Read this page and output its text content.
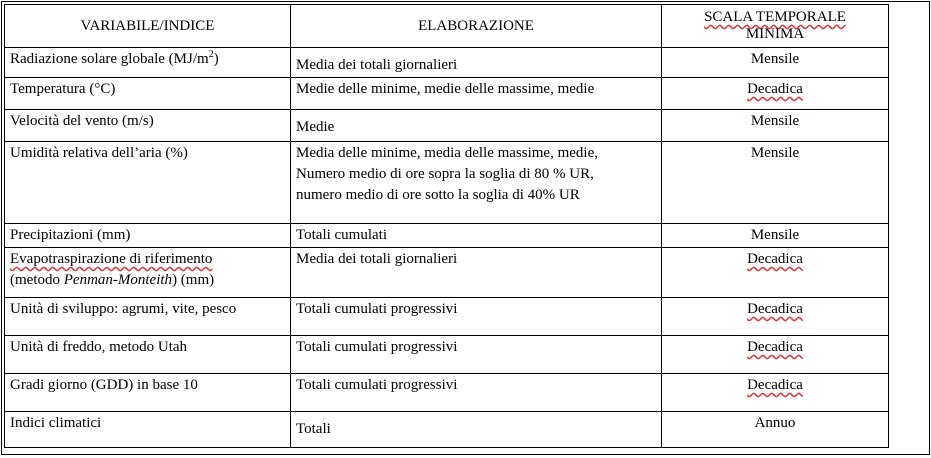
VARIABILE/INDICE	ELABORAZIONE	SCALA TEMPORALE
MINIMA

Radiazione solare globale $(MJ/m^2)$	Media dei totali giornalieri	Mensile
Temperatura (°C)	Medie delle minime, medie delle massime, medie	Decadica
Velocità del vento (m/s)	Medie	Mensile
Umidità relativa dell’aria (%)	Media delle minime, media delle massime, medie,
Numero medio di ore sopra la soglia di 80 % UR,
numero medio di ore sotto la soglia di 40% UR	Mensile
Precipitazioni (mm)	Totali cumulati	Mensile

Evapotraspirazione di riferimento
(metodo Penman-Monteith) (mm)	Media dei totali giornalieri	Decadica
Unità di sviluppo: agrumi, vite, pesco	Totali cumulati progressivi	Decadica
Unità di freddo, metodo Utah	Totali cumulati progressivi	Decadica
Gradi giorno (GDD) in base 10	Totali cumulati progressivi	Decadica
Indici climatici	Totali	Annuo
